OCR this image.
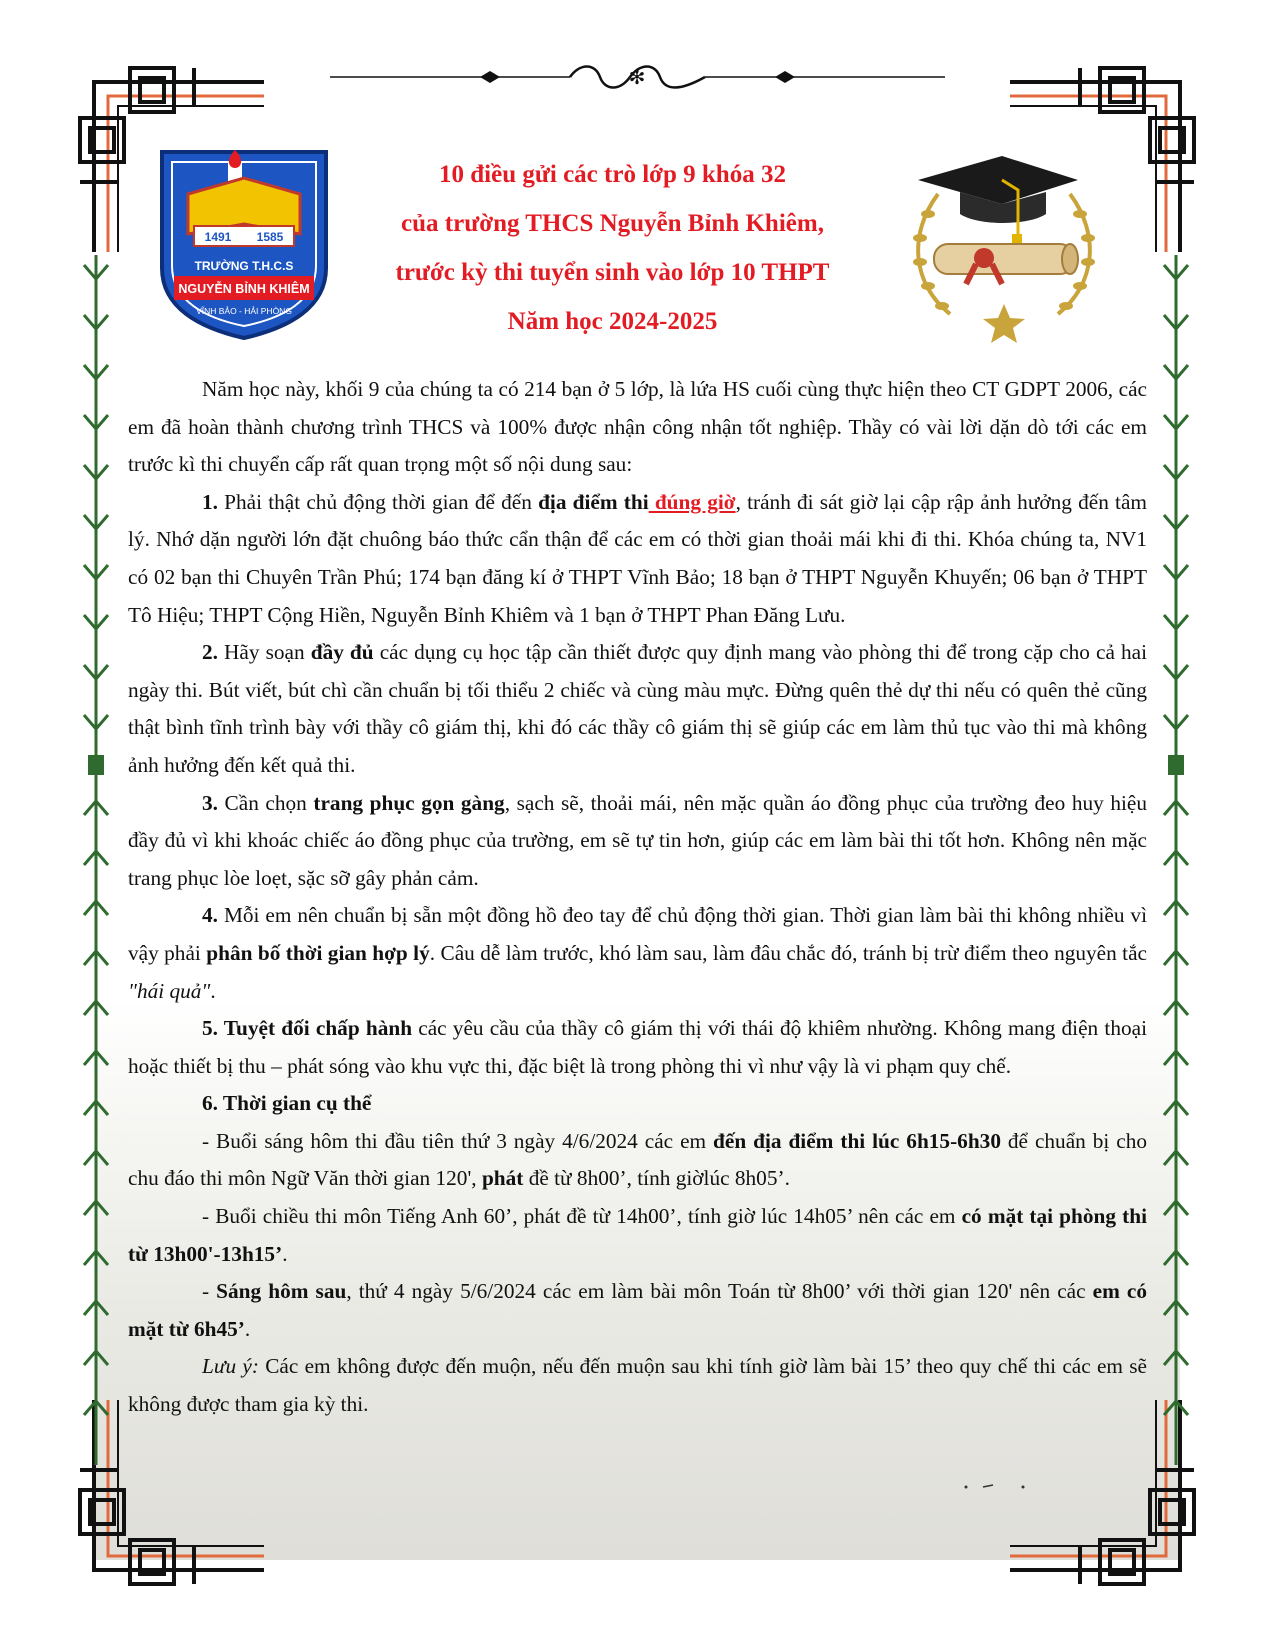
✻
1491 1585
TRƯỜNG T.H.C.S
NGUYỄN BỈNH KHIÊM
VĨNH BẢO - HẢI PHÒNG
10 điều gửi các trò lớp 9 khóa 32
của trường THCS Nguyễn Bỉnh Khiêm,
trước kỳ thi tuyển sinh vào lớp 10 THPT
Năm học 2024-2025

Năm học này, khối 9 của chúng ta có 214 bạn ở 5 lớp, là lứa HS cuối cùng thực hiện theo CT GDPT 2006, các em đã hoàn thành chương trình THCS và 100% được nhận công nhận tốt nghiệp. Thầy có vài lời dặn dò tới các em trước kì thi chuyển cấp rất quan trọng một số nội dung sau:

1. Phải thật chủ động thời gian để đến địa điểm thi đúng giờ, tránh đi sát giờ lại cập rập ảnh hưởng đến tâm lý. Nhớ dặn người lớn đặt chuông báo thức cẩn thận để các em có thời gian thoải mái khi đi thi. Khóa chúng ta, NV1 có 02 bạn thi Chuyên Trần Phú; 174 bạn đăng kí ở THPT Vĩnh Bảo; 18 bạn ở THPT Nguyễn Khuyến; 06 bạn ở THPT Tô Hiệu; THPT Cộng Hiền, Nguyễn Bỉnh Khiêm và 1 bạn ở THPT Phan Đăng Lưu.

2. Hãy soạn đầy đủ các dụng cụ học tập cần thiết được quy định mang vào phòng thi để trong cặp cho cả hai ngày thi. Bút viết, bút chì cần chuẩn bị tối thiểu 2 chiếc và cùng màu mực. Đừng quên thẻ dự thi nếu có quên thẻ cũng thật bình tĩnh trình bày với thầy cô giám thị, khi đó các thầy cô giám thị sẽ giúp các em làm thủ tục vào thi mà không ảnh hưởng đến kết quả thi.

3. Cần chọn trang phục gọn gàng, sạch sẽ, thoải mái, nên mặc quần áo đồng phục của trường đeo huy hiệu đầy đủ vì khi khoác chiếc áo đồng phục của trường, em sẽ tự tin hơn, giúp các em làm bài thi tốt hơn. Không nên mặc trang phục lòe loẹt, sặc sỡ gây phản cảm.

4. Mỗi em nên chuẩn bị sẵn một đồng hồ đeo tay để chủ động thời gian. Thời gian làm bài thi không nhiều vì vậy phải phân bố thời gian hợp lý. Câu dễ làm trước, khó làm sau, làm đâu chắc đó, tránh bị trừ điểm theo nguyên tắc "hái quả".

5. Tuyệt đối chấp hành các yêu cầu của thầy cô giám thị với thái độ khiêm nhường. Không mang điện thoại hoặc thiết bị thu – phát sóng vào khu vực thi, đặc biệt là trong phòng thi vì như vậy là vi phạm quy chế.

6. Thời gian cụ thể

- Buổi sáng hôm thi đầu tiên thứ 3 ngày 4/6/2024 các em đến địa điểm thi lúc 6h15-6h30 để chuẩn bị cho chu đáo thi môn Ngữ Văn thời gian 120', phát đề từ 8h00’, tính giờlúc 8h05’.

- Buổi chiều thi môn Tiếng Anh 60’, phát đề từ 14h00’, tính giờ lúc 14h05’ nên các em có mặt tại phòng thi từ 13h00'-13h15’.

- Sáng hôm sau, thứ 4 ngày 5/6/2024 các em làm bài môn Toán từ 8h00’ với thời gian 120' nên các em có mặt từ 6h45’.

Lưu ý: Các em không được đến muộn, nếu đến muộn sau khi tính giờ làm bài 15’ theo quy chế thi các em sẽ không được tham gia kỳ thi.
